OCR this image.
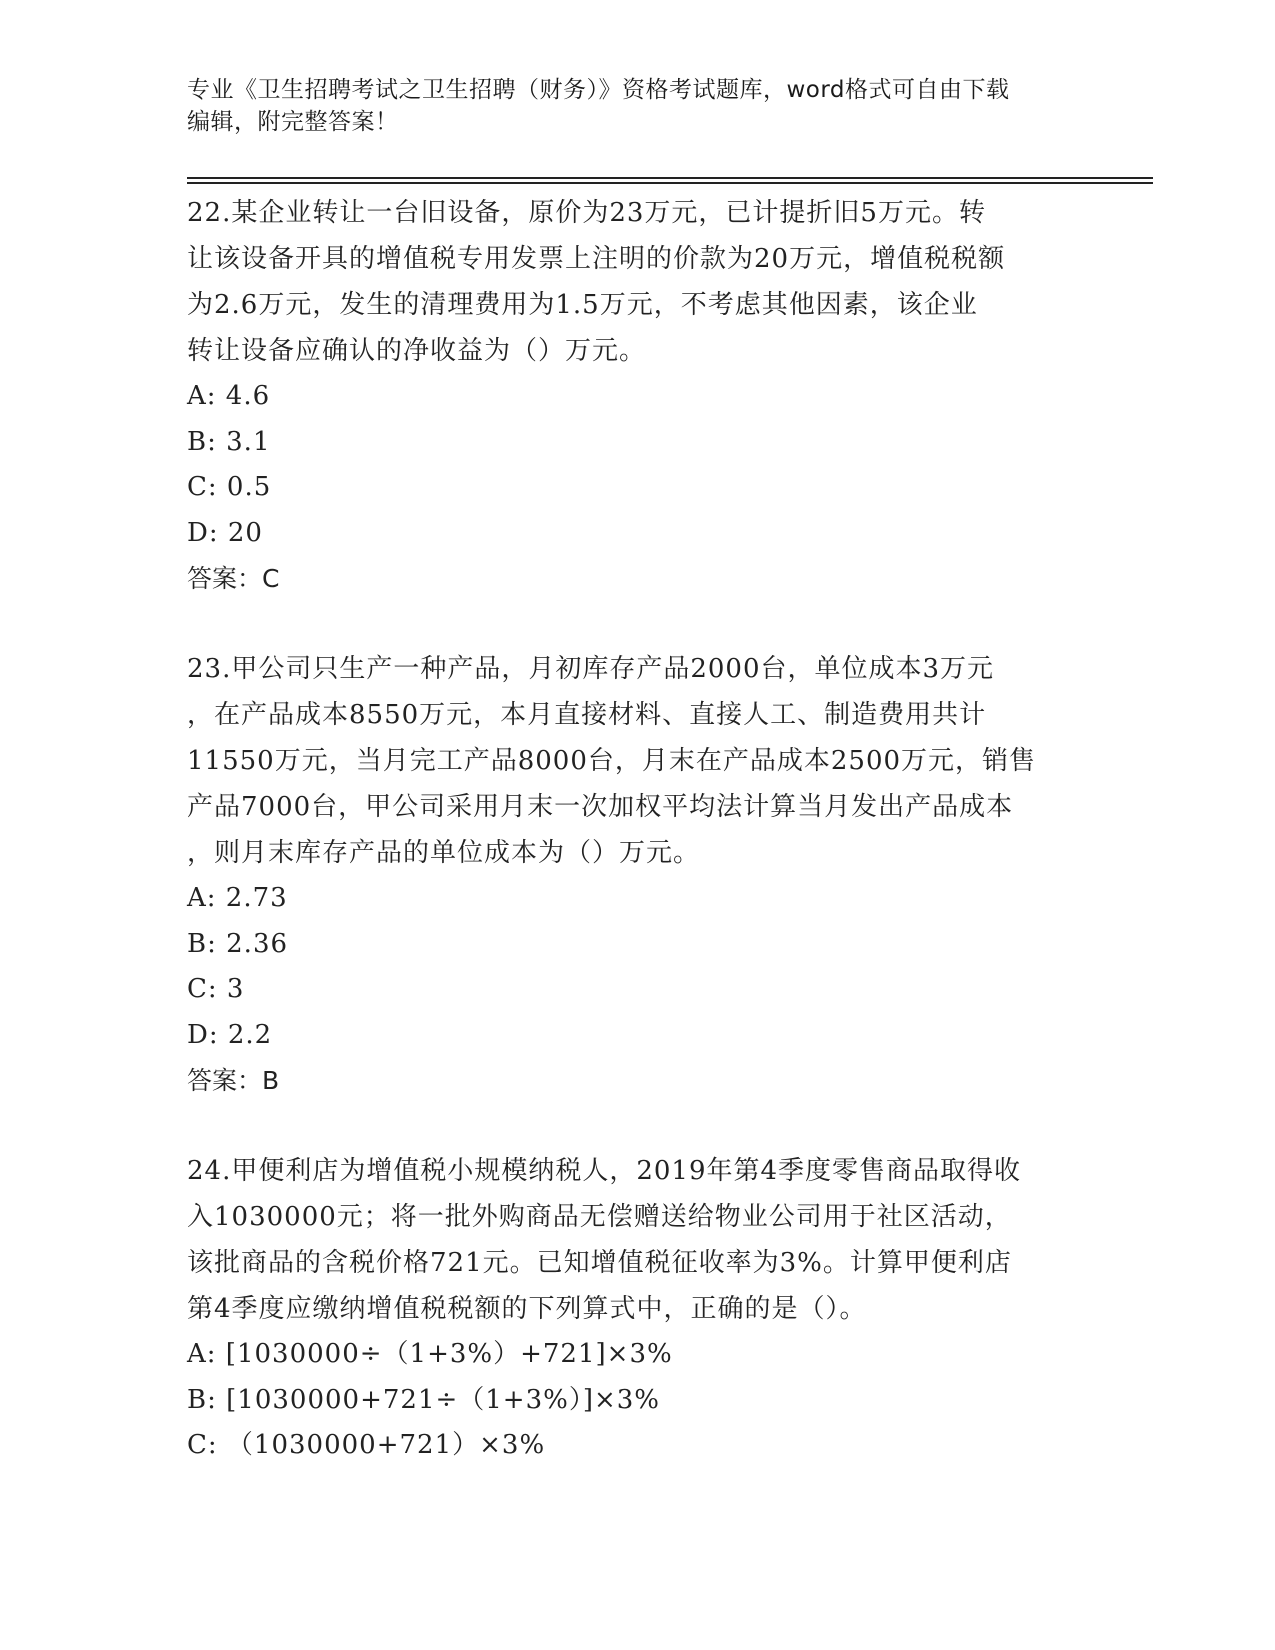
专业《卫生招聘考试之卫生招聘（财务）》资格考试题库，word格式可自由下载
编辑，附完整答案！

22.某企业转让一台旧设备，原价为23万元，已计提折旧5万元。转

让该设备开具的增值税专用发票上注明的价款为20万元，增值税税额

为2.6万元，发生的清理费用为1.5万元，不考虑其他因素，该企业

转让设备应确认的净收益为（）万元。

A: 4.6

B: 3.1

C: 0.5

D: 20

答案：C

23.甲公司只生产一种产品，月初库存产品2000台，单位成本3万元

，在产品成本8550万元，本月直接材料、直接人工、制造费用共计

11550万元，当月完工产品8000台，月末在产品成本2500万元，销售

产品7000台，甲公司采用月末一次加权平均法计算当月发出产品成本

，则月末库存产品的单位成本为（）万元。

A: 2.73

B: 2.36

C: 3

D: 2.2

答案：B

24.甲便利店为增值税小规模纳税人，2019年第4季度零售商品取得收

入1030000元；将一批外购商品无偿赠送给物业公司用于社区活动，

该批商品的含税价格721元。已知增值税征收率为3%。计算甲便利店

第4季度应缴纳增值税税额的下列算式中，正确的是（）。

A: [1030000÷（1+3%）+721]×3%

B: [1030000+721÷（1+3%）]×3%

C: （1030000+721）×3%
